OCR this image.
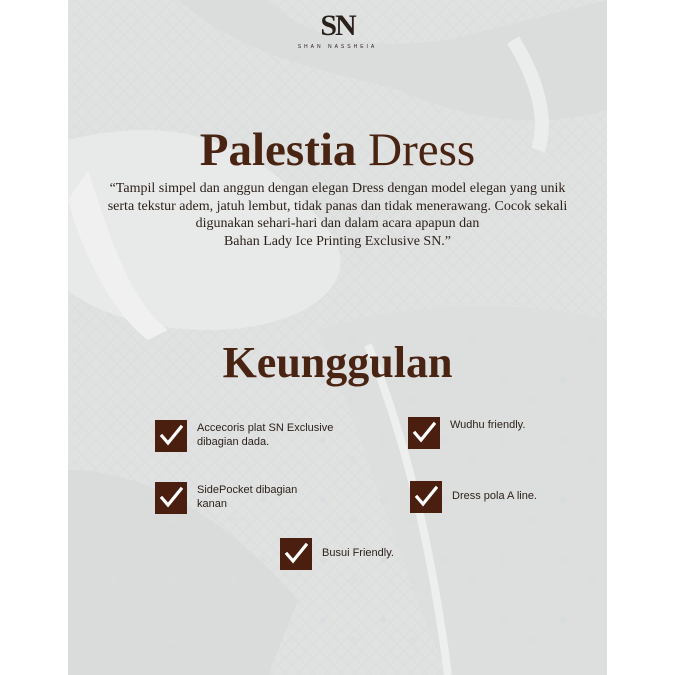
SN
SHAN NASSHEIA
Palestia Dress
“Tampil simpel dan anggun dengan elegan Dress dengan model elegan yang unik
serta tekstur adem, jatuh lembut, tidak panas dan tidak menerawang. Cocok sekali
digunakan sehari-hari dan dalam acara apapun dan
Bahan Lady Ice Printing Exclusive SN.”
Keunggulan
Accecoris plat SN Exclusive
dibagian dada.
Wudhu friendly.
SidePocket dibagian
kanan
Dress pola A line.
Busui Friendly.
